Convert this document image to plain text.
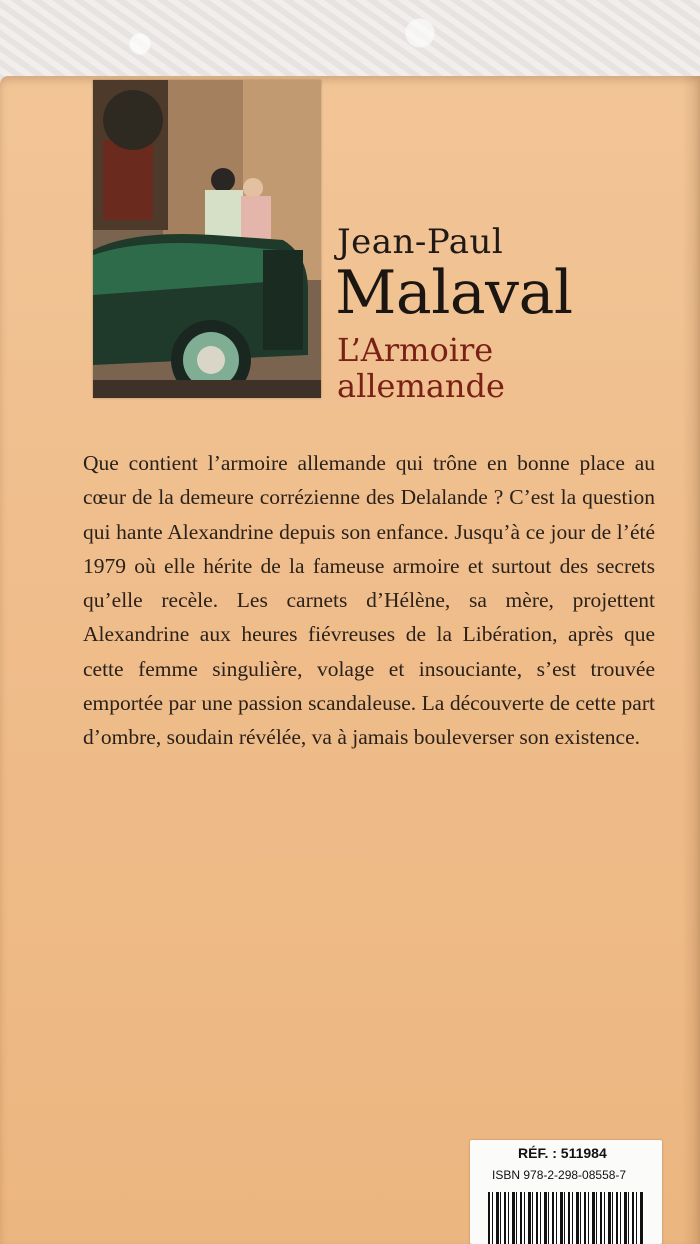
Jean-Paul
Malaval
L’Armoire
allemande
Que contient l’armoire allemande qui trône en bonne place au cœur de la demeure corrézienne des Delalande ? C’est la question qui hante Alexandrine depuis son enfance. Jusqu’à ce jour de l’été 1979 où elle hérite de la fameuse armoire et surtout des secrets qu’elle recèle. Les carnets d’Hélène, sa mère, projettent Alexandrine aux heures fiévreuses de la Libération, après que cette femme singulière, volage et insouciante, s’est trouvée emportée par une passion scandaleuse. La découverte de cette part d’ombre, soudain révélée, va à jamais bouleverser son existence.
RÉF. : 511984
ISBN 978-2-298-08558-7
